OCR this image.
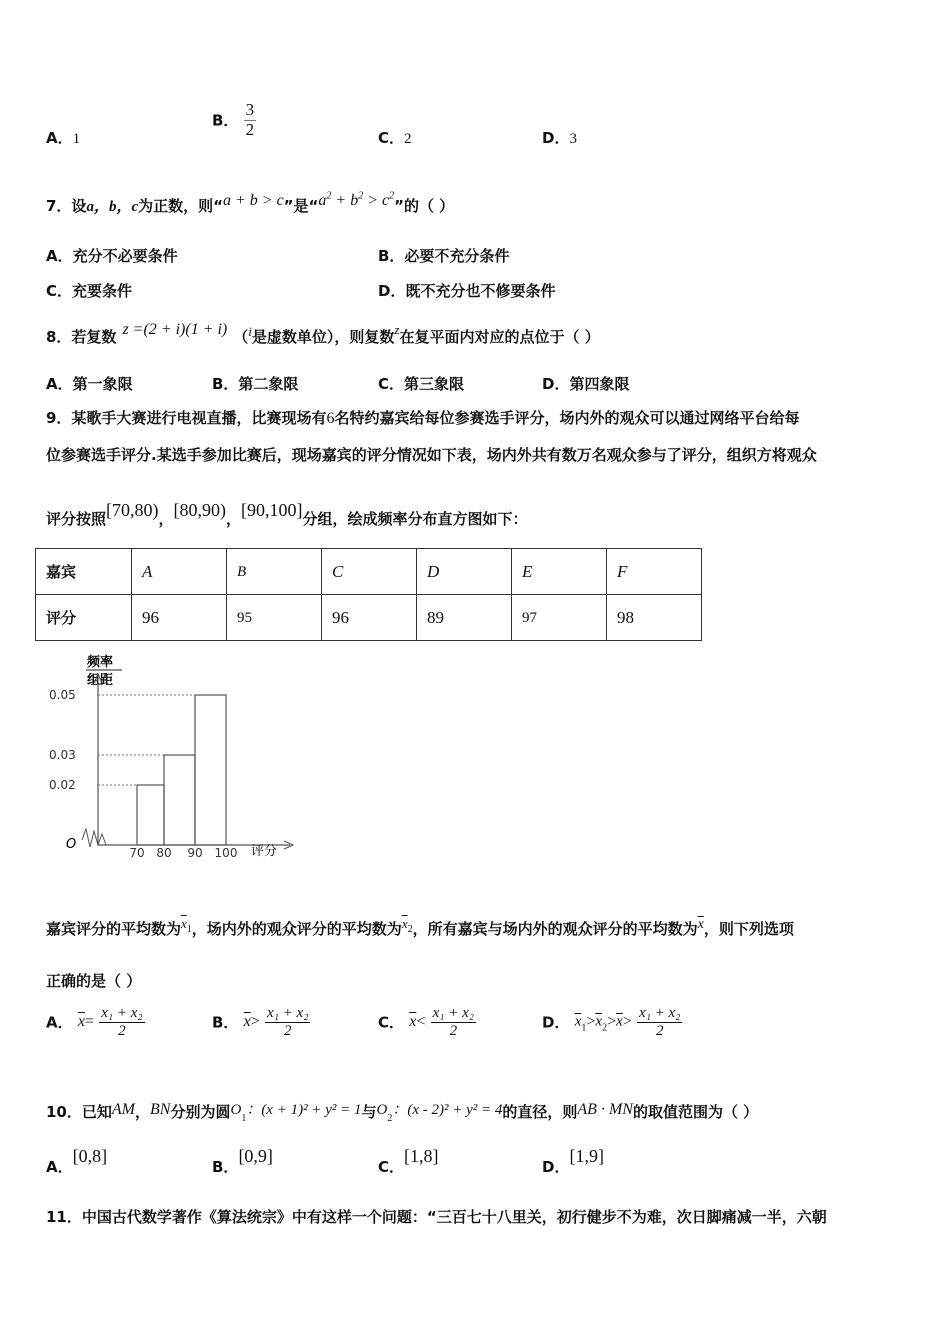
A．1
B． $\frac{3}{2}$	C．2	D．3
7．设a，b，c为正数，则“a + b > c”是“$a^2 + b^2 > c^2$”的（ ）
A．充分不必要条件	B．必要不充分条件
C．充要条件	D．既不充分也不修要条件
8．若复数 z =(2 + i)(1 + i) （i是虚数单位），则复数z在复平面内对应的点位于（ ）
A．第一象限	B．第二象限	C．第三象限	D．第四象限
9．某歌手大赛进行电视直播，比赛现场有6名特约嘉宾给每位参赛选手评分，场内外的观众可以通过网络平台给每
位参赛选手评分.某选手参加比赛后，现场嘉宾的评分情况如下表，场内外共有数万名观众参与了评分，组织方将观众
评分按照[70,80)，[80,90)，[90,100]分组，绘成频率分布直方图如下：
嘉宾	A	B	C	D	E	F
评分	96	95	96	89	97	98
频率
组距
O	评分
0.02
0.03
0.05
70 80 90 100
嘉宾评分的平均数为$\overline{x}_1$，场内外的观众评分的平均数为$\overline{x}_2$，所有嘉宾与场内外的观众评分的平均数为$\overline{x}$，则下列选项
正确的是（ ）
A． $\overline{x}= \frac{\text{x₁ + x₂}}{2}$	B． $\overline{x}> \frac{\text{x₁ + x₂}}{2}$	C． $\overline{x}< \frac{\text{x₁ + x₂}}{2}$	D． $\overline{x}_1>\overline{x}_2>\overline{x}> \frac{\text{x₁ + x₂}}{2}$
10．已知AM，BN分别为圆$O_1$：(x + 1)² + y² = 1与$O_2$：(x - 2)² + y² = 4的直径，则AB · MN的取值范围为（ ）
A．[0,8]
B．[0,9]
C．[1,8]
D．[1,9]
11．中国古代数学著作《算法统宗》中有这样一个问题：“三百七十八里关，初行健步不为难，次日脚痛减一半，六朝
